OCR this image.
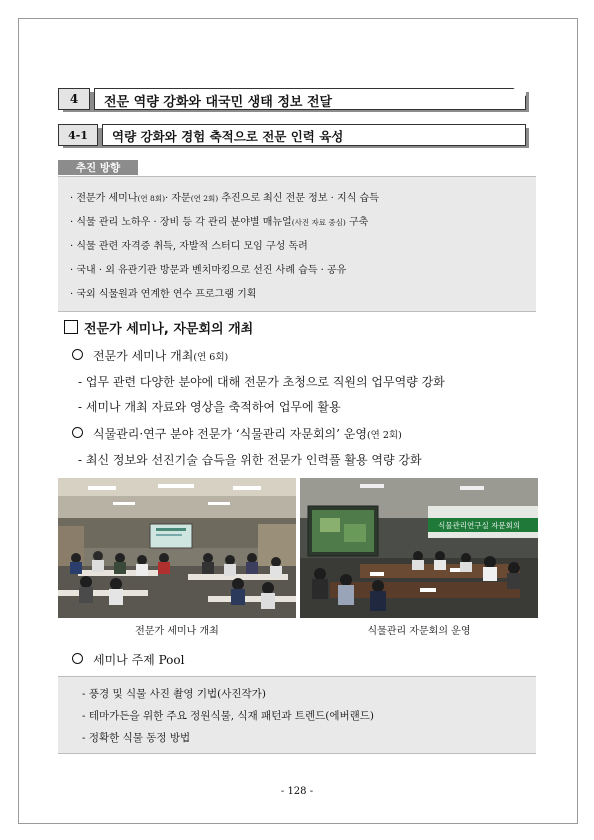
4	전문 역량 강화와 대국민 생태 정보 전달
4-1	역량 강화와 경험 축적으로 전문 인력 육성
추진 방향
· 전문가 세미나(연 8회)· 자문(연 2회) 추진으로 최신 전문 정보 · 지식 습득
· 식물 관리 노하우 · 장비 등 각 관리 분야별 매뉴얼(사진 자료 중심) 구축
· 식물 관련 자격증 취득, 자발적 스터디 모임 구성 독려
· 국내 · 외 유관기관 방문과 벤치마킹으로 선진 사례 습득 · 공유
· 국외 식물원과 연계한 연수 프로그램 기획
전문가 세미나, 자문회의 개최
전문가 세미나 개최(연 6회)
- 업무 관련 다양한 분야에 대해 전문가 초청으로 직원의 업무역량 강화
- 세미나 개최 자료와 영상을 축적하여 업무에 활용
식물관리·연구 분야 전문가 ‘식물관리 자문회의’ 운영(연 2회)
- 최신 정보와 선진기술 습득을 위한 전문가 인력풀 활용 역량 강화
전문가 세미나 개최
식물관리연구실 자문회의
식물관리 자문회의 운영
세미나 주제 Pool
- 풍경 및 식물 사진 촬영 기법(사진작가)
- 테마가든을 위한 주요 정원식물, 식재 패턴과 트렌드(에버랜드)
- 정확한 식물 동정 방법
- 128 -
